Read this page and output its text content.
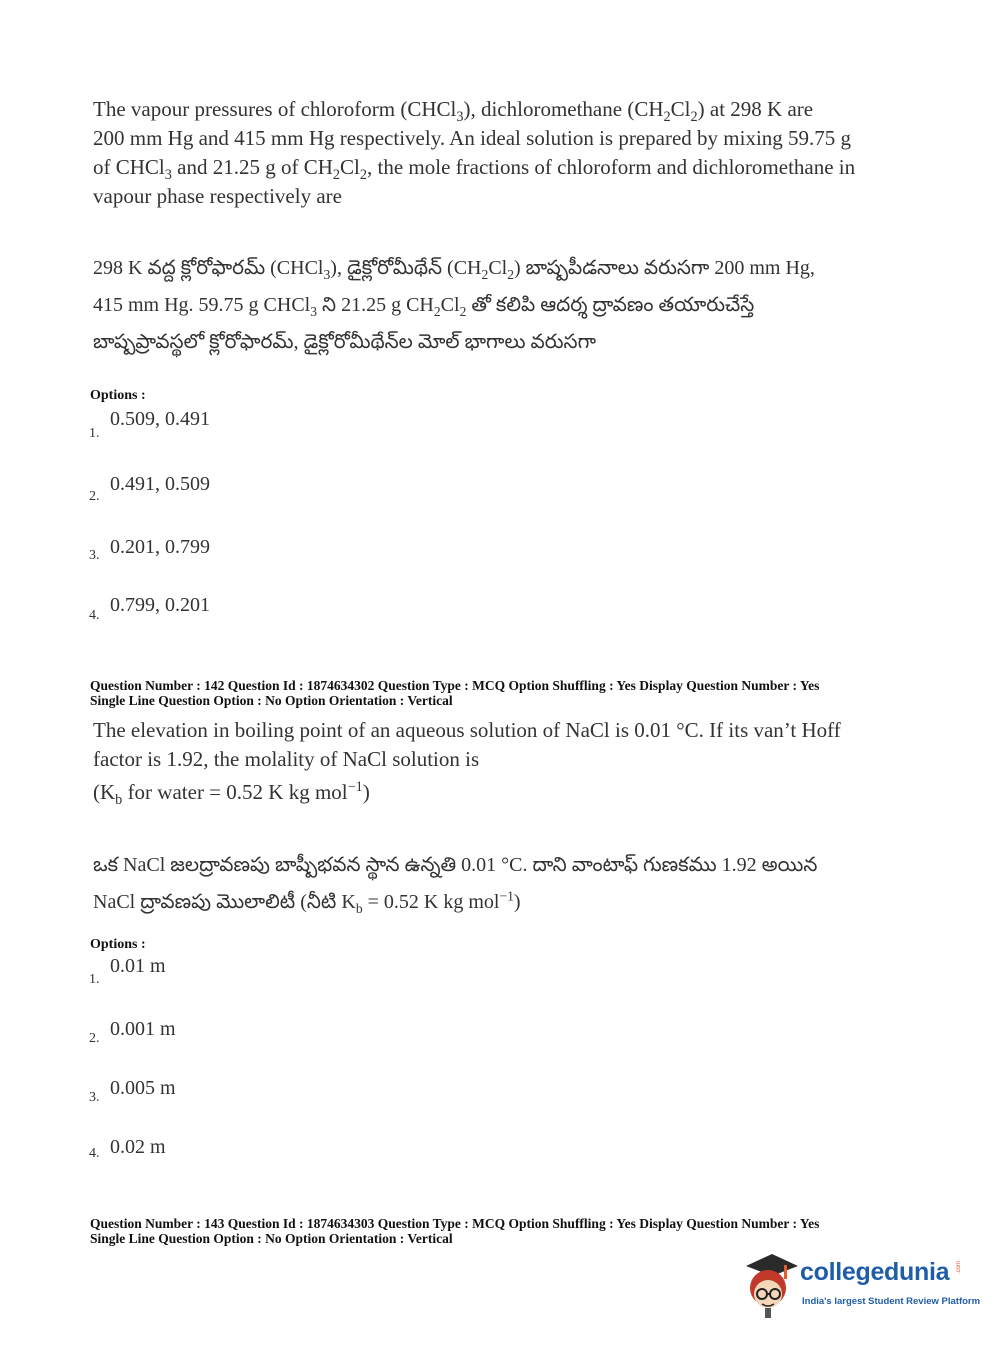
The vapour pressures of chloroform (CHCl$_3$), dichloromethane $(CH_2Cl_2)$ at 298 K are
200 mm Hg and 415 mm Hg respectively. An ideal solution is prepared by mixing 59.75 g
of CHCl$_3$ and 21.25 g of $CH_2Cl_2$, the mole fractions of chloroform and dichloromethane in
vapour phase respectively are
298 K వద్ద క్లోరోఫారమ్ (CHCl$_3$), డైక్లోరోమీథేన్ $(CH_2Cl_2)$ బాష్పపీడనాలు వరుసగా 200 mm Hg,
415 mm Hg. 59.75 g CHCl$_3$ ని 21.25 g $CH_2Cl_2$ తో కలిపి ఆదర్శ ద్రావణం తయారుచేస్తే
బాష్పప్రావస్థలో క్లోరోఫారమ్, డైక్లోరోమీథేన్‌ల మోల్ భాగాలు వరుసగా
Options :
1.
0.509, 0.491
2.
0.491, 0.509
3. 0.201, 0.799
4. 0.799, 0.201
Question Number : 142 Question Id : 1874634302 Question Type : MCQ Option Shuffling : Yes Display Question Number : Yes
Single Line Question Option : No Option Orientation : Vertical
The elevation in boiling point of an aqueous solution of NaCl is 0.01 °C. If its van’t Hoff
factor is 1.92, the molality of NaCl solution is
($K_b$ for water = 0.52 K kg mol$^{-1}$)
ఒక NaCl జలద్రావణపు బాష్పీభవన స్థాన ఉన్నతి 0.01 °C. దాని వాంటాఫ్ గుణకము 1.92 అయిన
NaCl ద్రావణపు మొలాలిటీ (నీటి $K_b = 0.52$ K kg mol$^{-1}$)
Options :
1.
0.01 m
2. 0.001 m
3. 0.005 m
4. 0.02 m
Question Number : 143 Question Id : 1874634303 Question Type : MCQ Option Shuffling : Yes Display Question Number : Yes
Single Line Question Option : No Option Orientation : Vertical
collegedunia .com
India's largest Student Review Platform
